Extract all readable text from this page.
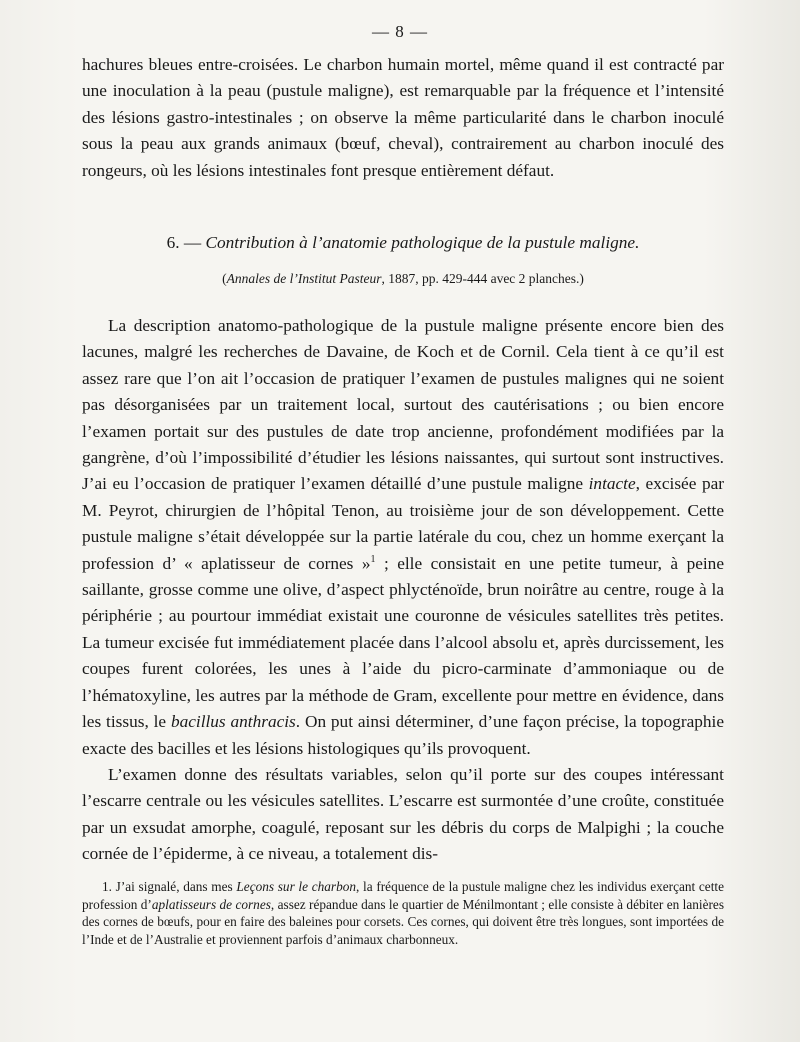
— 8 —

hachures bleues entre-croisées. Le charbon humain mortel, même quand il est contracté par une inoculation à la peau (pustule maligne), est remarquable par la fréquence et l’intensité des lésions gastro-intestinales ; on observe la même particularité dans le charbon inoculé sous la peau aux grands animaux (bœuf, cheval), contrairement au charbon inoculé des rongeurs, où les lésions intestinales font presque entièrement défaut.

6. — Contribution à l’anatomie pathologique de la pustule maligne.
(Annales de l’Institut Pasteur, 1887, pp. 429-444 avec 2 planches.)

La description anatomo-pathologique de la pustule maligne présente encore bien des lacunes, malgré les recherches de Davaine, de Koch et de Cornil. Cela tient à ce qu’il est assez rare que l’on ait l’occasion de pratiquer l’examen de pustules malignes qui ne soient pas désorganisées par un traitement local, surtout des cautérisations ; ou bien encore l’examen portait sur des pustules de date trop ancienne, profondément modifiées par la gangrène, d’où l’impossibilité d’étudier les lésions naissantes, qui surtout sont instructives. J’ai eu l’occasion de pratiquer l’examen détaillé d’une pustule maligne intacte, excisée par M. Peyrot, chirurgien de l’hôpital Tenon, au troisième jour de son développement. Cette pustule maligne s’était développée sur la partie latérale du cou, chez un homme exerçant la profession d’ « aplatisseur de cornes »$^1$ ; elle consistait en une petite tumeur, à peine saillante, grosse comme une olive, d’aspect phlycténoïde, brun noirâtre au centre, rouge à la périphérie ; au pourtour immédiat existait une couronne de vésicules satellites très petites. La tumeur excisée fut immédiatement placée dans l’alcool absolu et, après durcissement, les coupes furent colorées, les unes à l’aide du picro-carminate d’ammoniaque ou de l’hématoxyline, les autres par la méthode de Gram, excellente pour mettre en évidence, dans les tissus, le bacillus anthracis. On put ainsi déterminer, d’une façon précise, la topographie exacte des bacilles et les lésions histologiques qu’ils provoquent.

L’examen donne des résultats variables, selon qu’il porte sur des coupes intéressant l’escarre centrale ou les vésicules satellites. L’escarre est surmontée d’une croûte, constituée par un exsudat amorphe, coagulé, reposant sur les débris du corps de Malpighi ; la couche cornée de l’épiderme, à ce niveau, a totalement dis-

1. J’ai signalé, dans mes Leçons sur le charbon, la fréquence de la pustule maligne chez les individus exerçant cette profession d’aplatisseurs de cornes, assez répandue dans le quartier de Ménilmontant ; elle consiste à débiter en lanières des cornes de bœufs, pour en faire des baleines pour corsets. Ces cornes, qui doivent être très longues, sont importées de l’Inde et de l’Australie et proviennent parfois d’animaux charbonneux.
